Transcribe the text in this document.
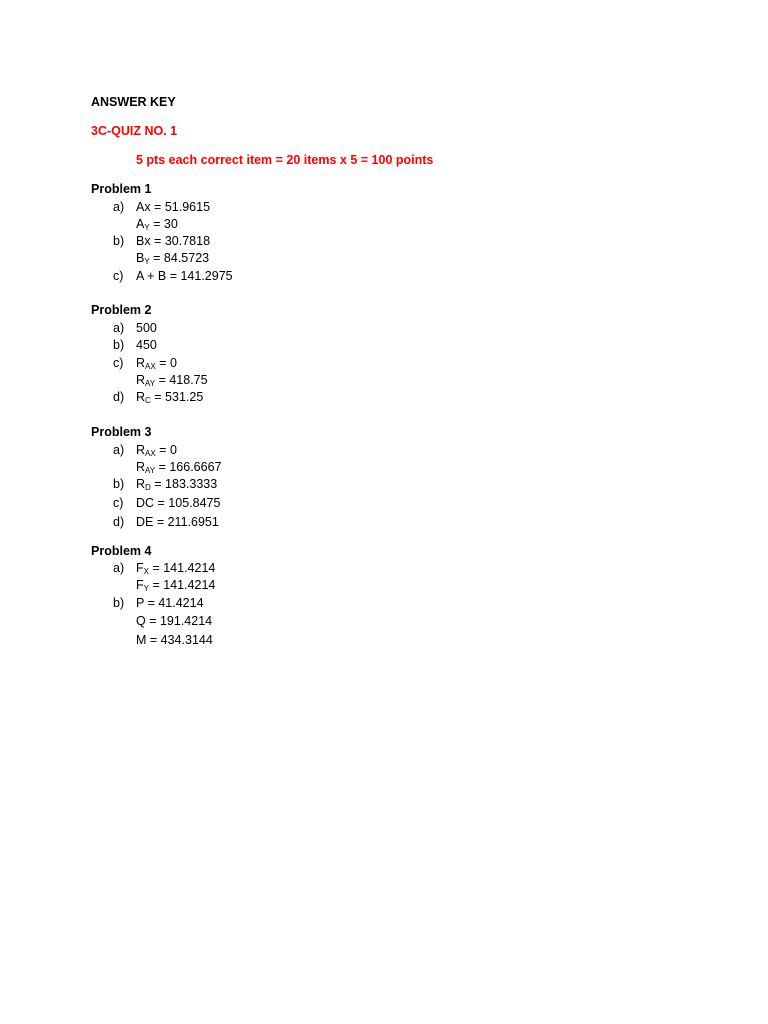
ANSWER KEY
3C-QUIZ NO. 1
5 pts each correct item = 20 items x 5 = 100 points
Problem 1
a) Ax = 51.9615
$A_Y = 30$
b) Bx = 30.7818
$B_Y = 84.5723$
c) A + B = 141.2975
Problem 2
a) 500
b) 450
c) $R_{AX} = 0$
$R_{AY} = 418.75$
d) $R_C = 531.25$
Problem 3
a) $R_{AX} = 0$
$R_{AY} = 166.6667$
b) $R_D = 183.3333$
c) DC = 105.8475
d) DE = 211.6951
Problem 4
a) $F_X = 141.4214$
$F_Y = 141.4214$
b) P = 41.4214
Q = 191.4214
M = 434.3144
